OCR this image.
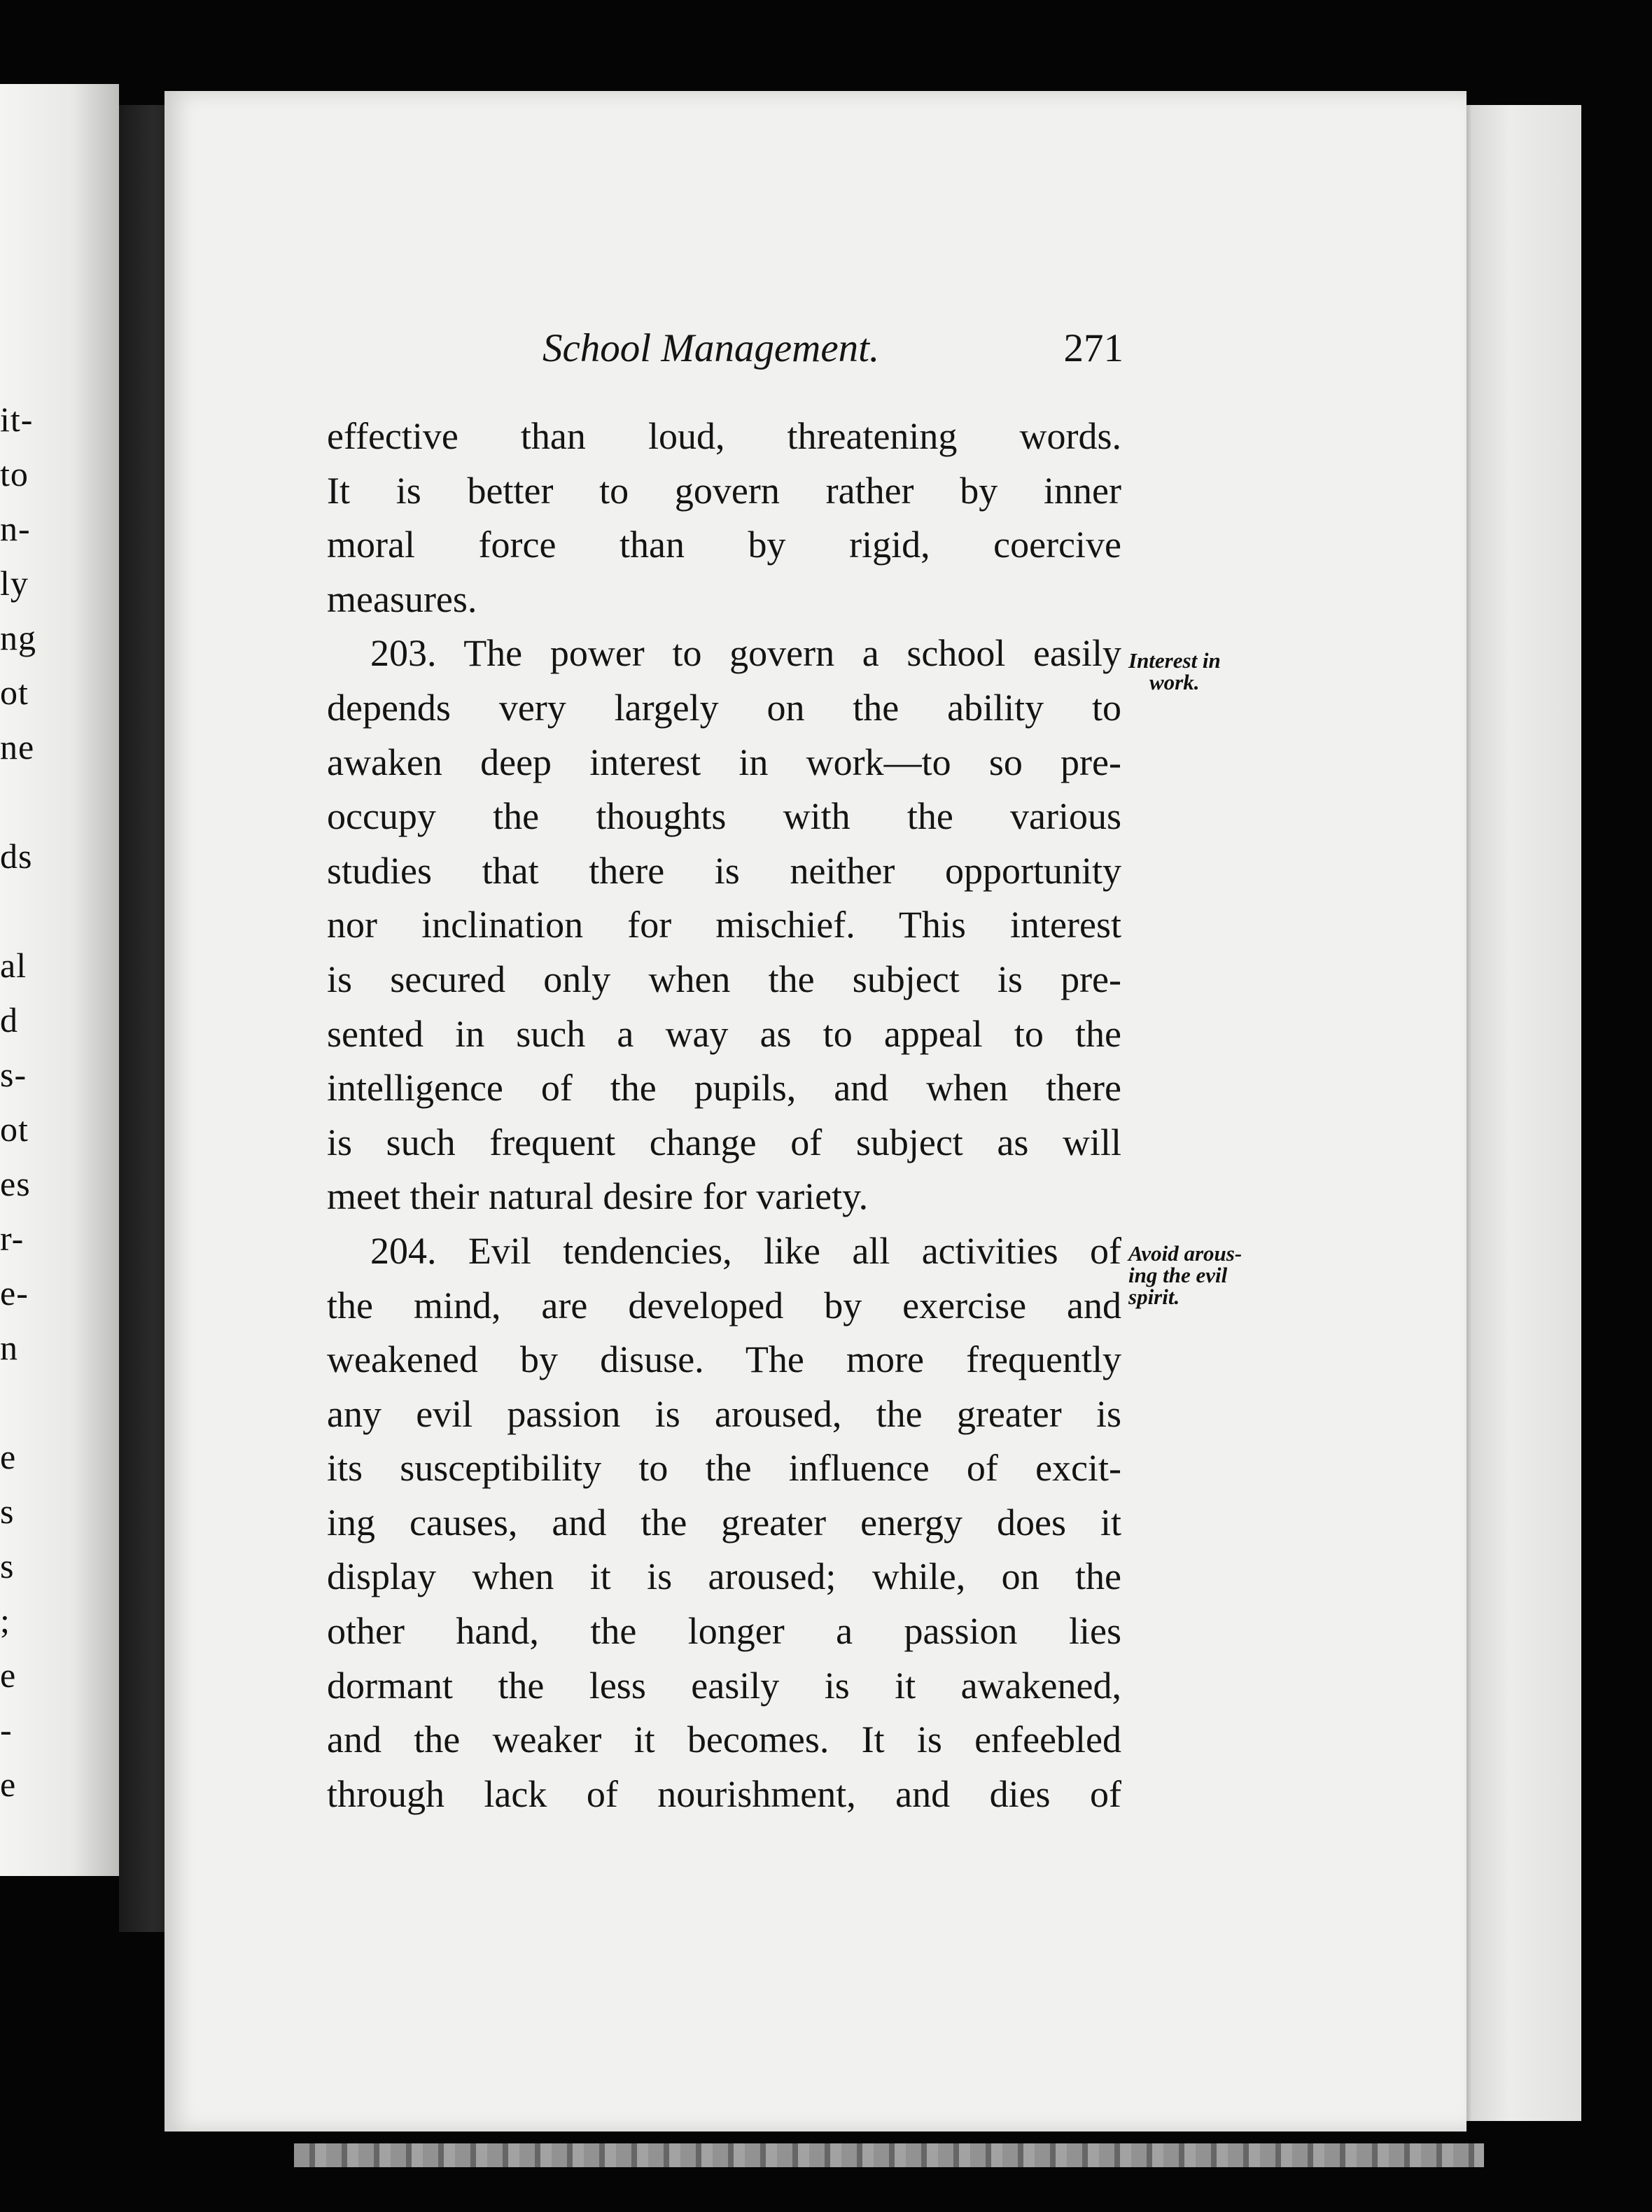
it-
to
n-
ly
ng
ot
ne
ds
al
d
s-
ot
es
r-
e-
n
e
s
s
;
e
-
e
School Management.	271
effective than loud, threatening words.
It is better to govern rather by inner
moral force than by rigid, coercive
measures.
203. The power to govern a school easily
depends very largely on the ability to
awaken deep interest in work—to so pre-
occupy the thoughts with the various
studies that there is neither opportunity
nor inclination for mischief. This interest
is secured only when the subject is pre-
sented in such a way as to appeal to the
intelligence of the pupils, and when there
is such frequent change of subject as will
meet their natural desire for variety.
204. Evil tendencies, like all activities of
the mind, are developed by exercise and
weakened by disuse. The more frequently
any evil passion is aroused, the greater is
its susceptibility to the influence of excit-
ing causes, and the greater energy does it
display when it is aroused; while, on the
other hand, the longer a passion lies
dormant the less easily is it awakened,
and the weaker it becomes. It is enfeebled
through lack of nourishment, and dies of
Interest in
work.
Avoid arous-
ing the evil
spirit.
